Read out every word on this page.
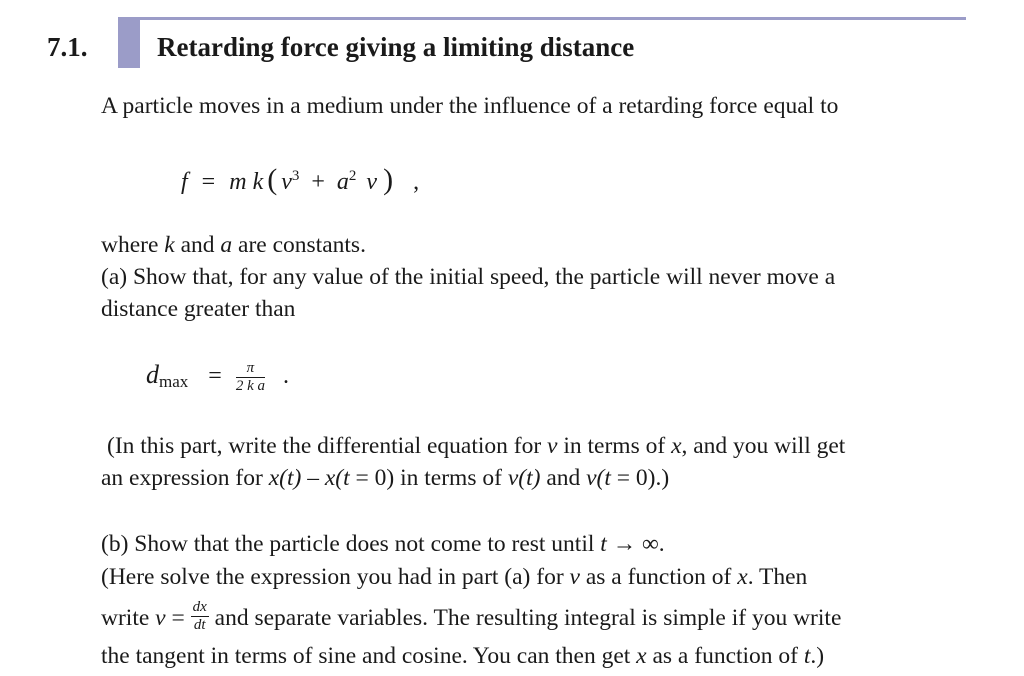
7.1.	Retarding force giving a limiting distance
A particle moves in a medium under the influence of a retarding force equal to
f = m k ( $v^3 + a^2$ v ) ,
where k and a are constants.
(a) Show that, for any value of the initial speed, the particle will never move a
distance greater than
$d_{max} = \frac{\pi}{\text{2 k a}}$ .
(In this part, write the differential equation for v in terms of x, and you will get
an expression for x(t) – x(t = 0) in terms of v(t) and v(t = 0).)
(b) Show that the particle does not come to rest until t → ∞.
(Here solve the expression you had in part (a) for v as a function of x. Then
write $v = \frac{dx}{dt}$ and separate variables. The resulting integral is simple if you write
the tangent in terms of sine and cosine. You can then get x as a function of t.)
